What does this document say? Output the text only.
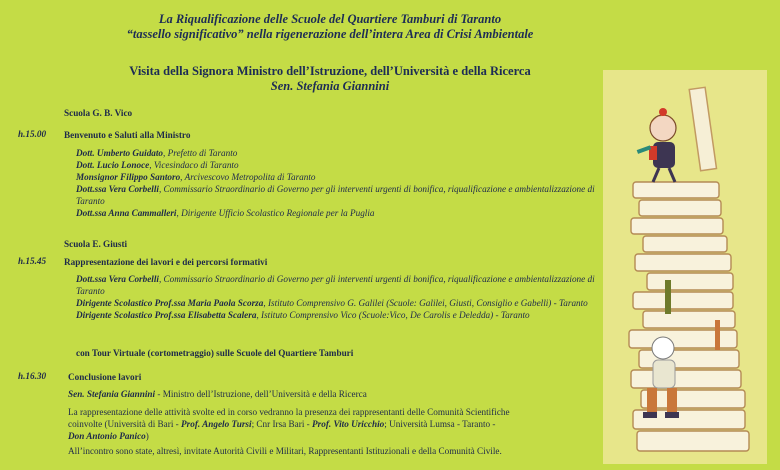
La Riqualificazione delle Scuole del Quartiere Tamburi di Taranto
“tassello significativo” nella rigenerazione dell’intera Area di Crisi Ambientale
Visita della Signora Ministro dell’Istruzione, dell’Università e della Ricerca
Sen. Stefania Giannini
Scuola G. B. Vico
h.15.00 Benvenuto e Saluti alla Ministro
Dott. Umberto Guidato, Prefetto di Taranto
Dott. Lucio Lonoce, Vicesindaco di Taranto
Monsignor Filippo Santoro, Arcivescovo Metropolita di Taranto
Dott.ssa Vera Corbelli, Commissario Straordinario di Governo per gli interventi urgenti di bonifica, riqualificazione e ambientalizzazione di Taranto
Dott.ssa Anna Cammalleri, Dirigente Ufficio Scolastico Regionale per la Puglia
Scuola E. Giusti
h.15.45 Rappresentazione dei lavori e dei percorsi formativi
Dott.ssa Vera Corbelli, Commissario Straordinario di Governo per gli interventi urgenti di bonifica, riqualificazione e ambientalizzazione di Taranto
Dirigente Scolastico Prof.ssa Maria Paola Scorza, Istituto Comprensivo G. Galilei (Scuole: Galilei, Giusti, Consiglio e Gabelli) - Taranto
Dirigente Scolastico Prof.ssa Elisabetta Scalera, Istituto Comprensivo Vico (Scuole:Vico, De Carolis e Deledda) - Taranto
con Tour Virtuale (cortometraggio) sulle Scuole del Quartiere Tamburi
h.16.30 Conclusione lavori
Sen. Stefania Giannini - Ministro dell’Istruzione, dell’Università e della Ricerca
La rappresentazione delle attività svolte ed in corso vedranno la presenza dei rappresentanti delle Comunità Scientifiche
coinvolte (Università di Bari - Prof. Angelo Tursi; Cnr Irsa Bari - Prof. Vito Uricchio; Università Lumsa - Taranto -
Don Antonio Panico)
All’incontro sono state, altresì, invitate Autorità Civili e Militari, Rappresentanti Istituzionali e della Comunità Civile.
